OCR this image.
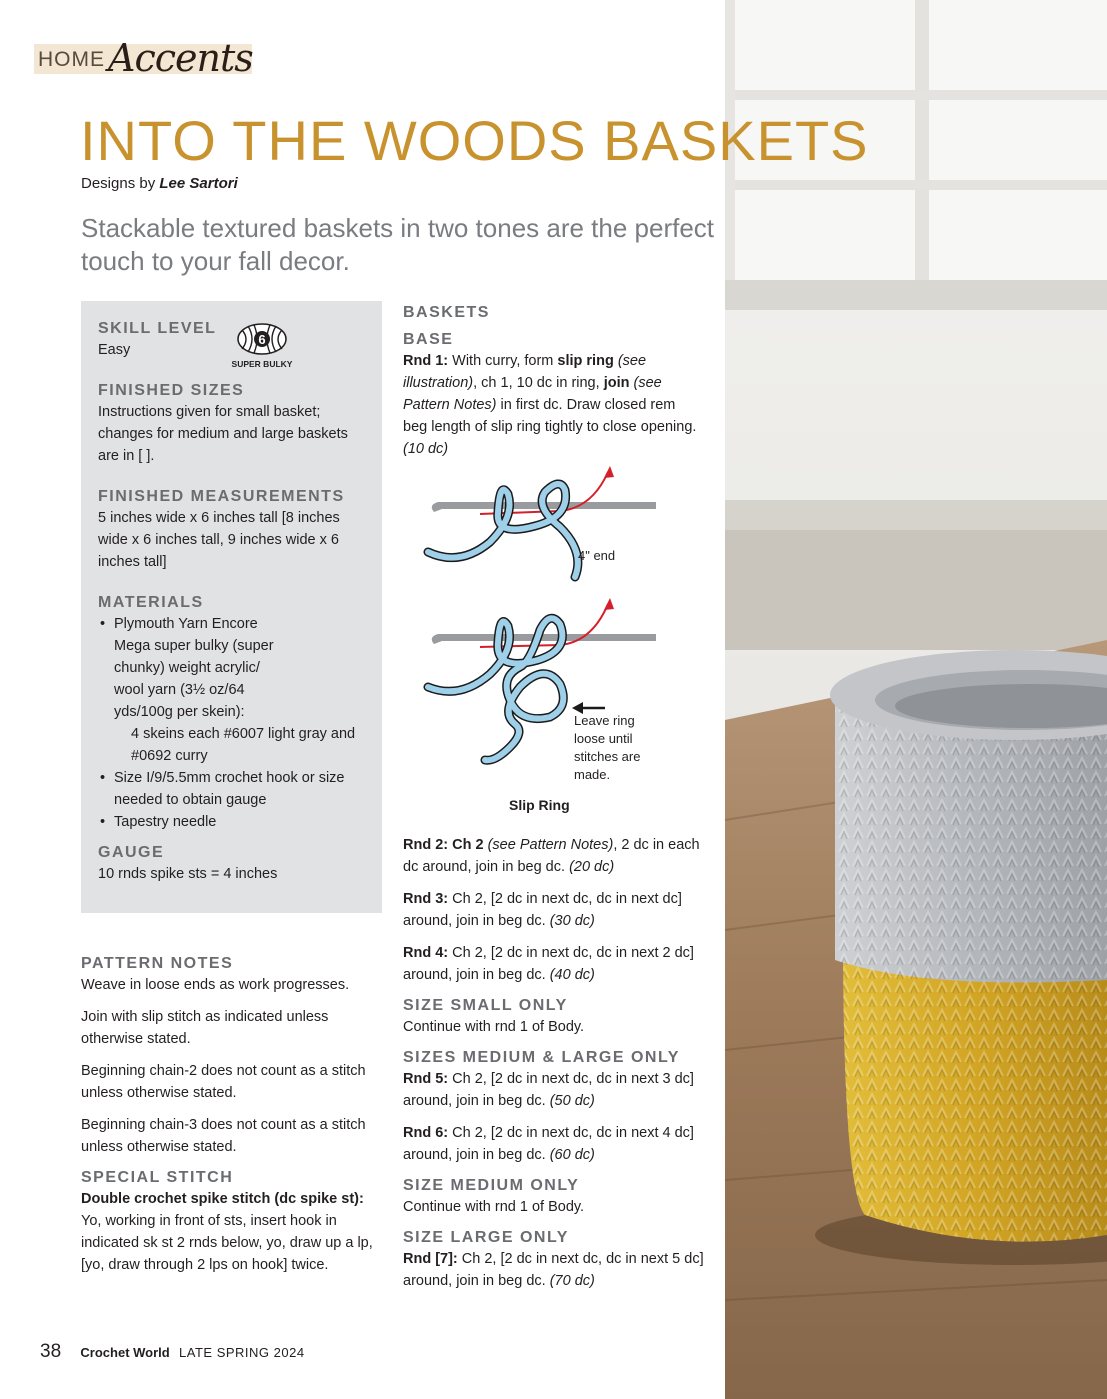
HOME Accents
INTO THE WOODS BASKETS
Designs by Lee Sartori

Stackable textured baskets in two tones are the perfect touch to your fall decor.

SKILL LEVEL
Easy
FINISHED SIZES
Instructions given for small basket; changes for medium and large baskets are in [ ].
FINISHED MEASUREMENTS
5 inches wide x 6 inches tall [8 inches wide x 6 inches tall, 9 inches wide x 6 inches tall]
MATERIALS
• Plymouth Yarn Encore Mega super bulky (super chunky) weight acrylic/ wool yarn (3½ oz/64 yds/100g per skein):
4 skeins each #6007 light gray and #0692 curry
• Size I/9/5.5mm crochet hook or size needed to obtain gauge
• Tapestry needle
GAUGE
10 rnds spike sts = 4 inches
6
SUPER BULKY
PATTERN NOTES
Weave in loose ends as work progresses.
Join with slip stitch as indicated unless otherwise stated.
Beginning chain-2 does not count as a stitch unless otherwise stated.
Beginning chain-3 does not count as a stitch unless otherwise stated.
SPECIAL STITCH
Double crochet spike stitch (dc spike st): Yo, working in front of sts, insert hook in indicated sk st 2 rnds below, yo, draw up a lp, [yo, draw through 2 lps on hook] twice.
BASKETS
BASE
Rnd 1: With curry, form slip ring (see illustration), ch 1, 10 dc in ring, join (see Pattern Notes) in first dc. Draw closed rem beg length of slip ring tightly to close opening. (10 dc)
4" end
Leave ring
loose until
stitches are
made.
Slip Ring
Rnd 2: Ch 2 (see Pattern Notes), 2 dc in each dc around, join in beg dc. (20 dc)
Rnd 3: Ch 2, [2 dc in next dc, dc in next dc] around, join in beg dc. (30 dc)
Rnd 4: Ch 2, [2 dc in next dc, dc in next 2 dc] around, join in beg dc. (40 dc)
SIZE SMALL ONLY
Continue with rnd 1 of Body.
SIZES MEDIUM & LARGE ONLY
Rnd 5: Ch 2, [2 dc in next dc, dc in next 3 dc] around, join in beg dc. (50 dc)
Rnd 6: Ch 2, [2 dc in next dc, dc in next 4 dc] around, join in beg dc. (60 dc)
SIZE MEDIUM ONLY
Continue with rnd 1 of Body.
SIZE LARGE ONLY
Rnd [7]: Ch 2, [2 dc in next dc, dc in next 5 dc] around, join in beg dc. (70 dc)
38 Crochet World LATE SPRING 2024
